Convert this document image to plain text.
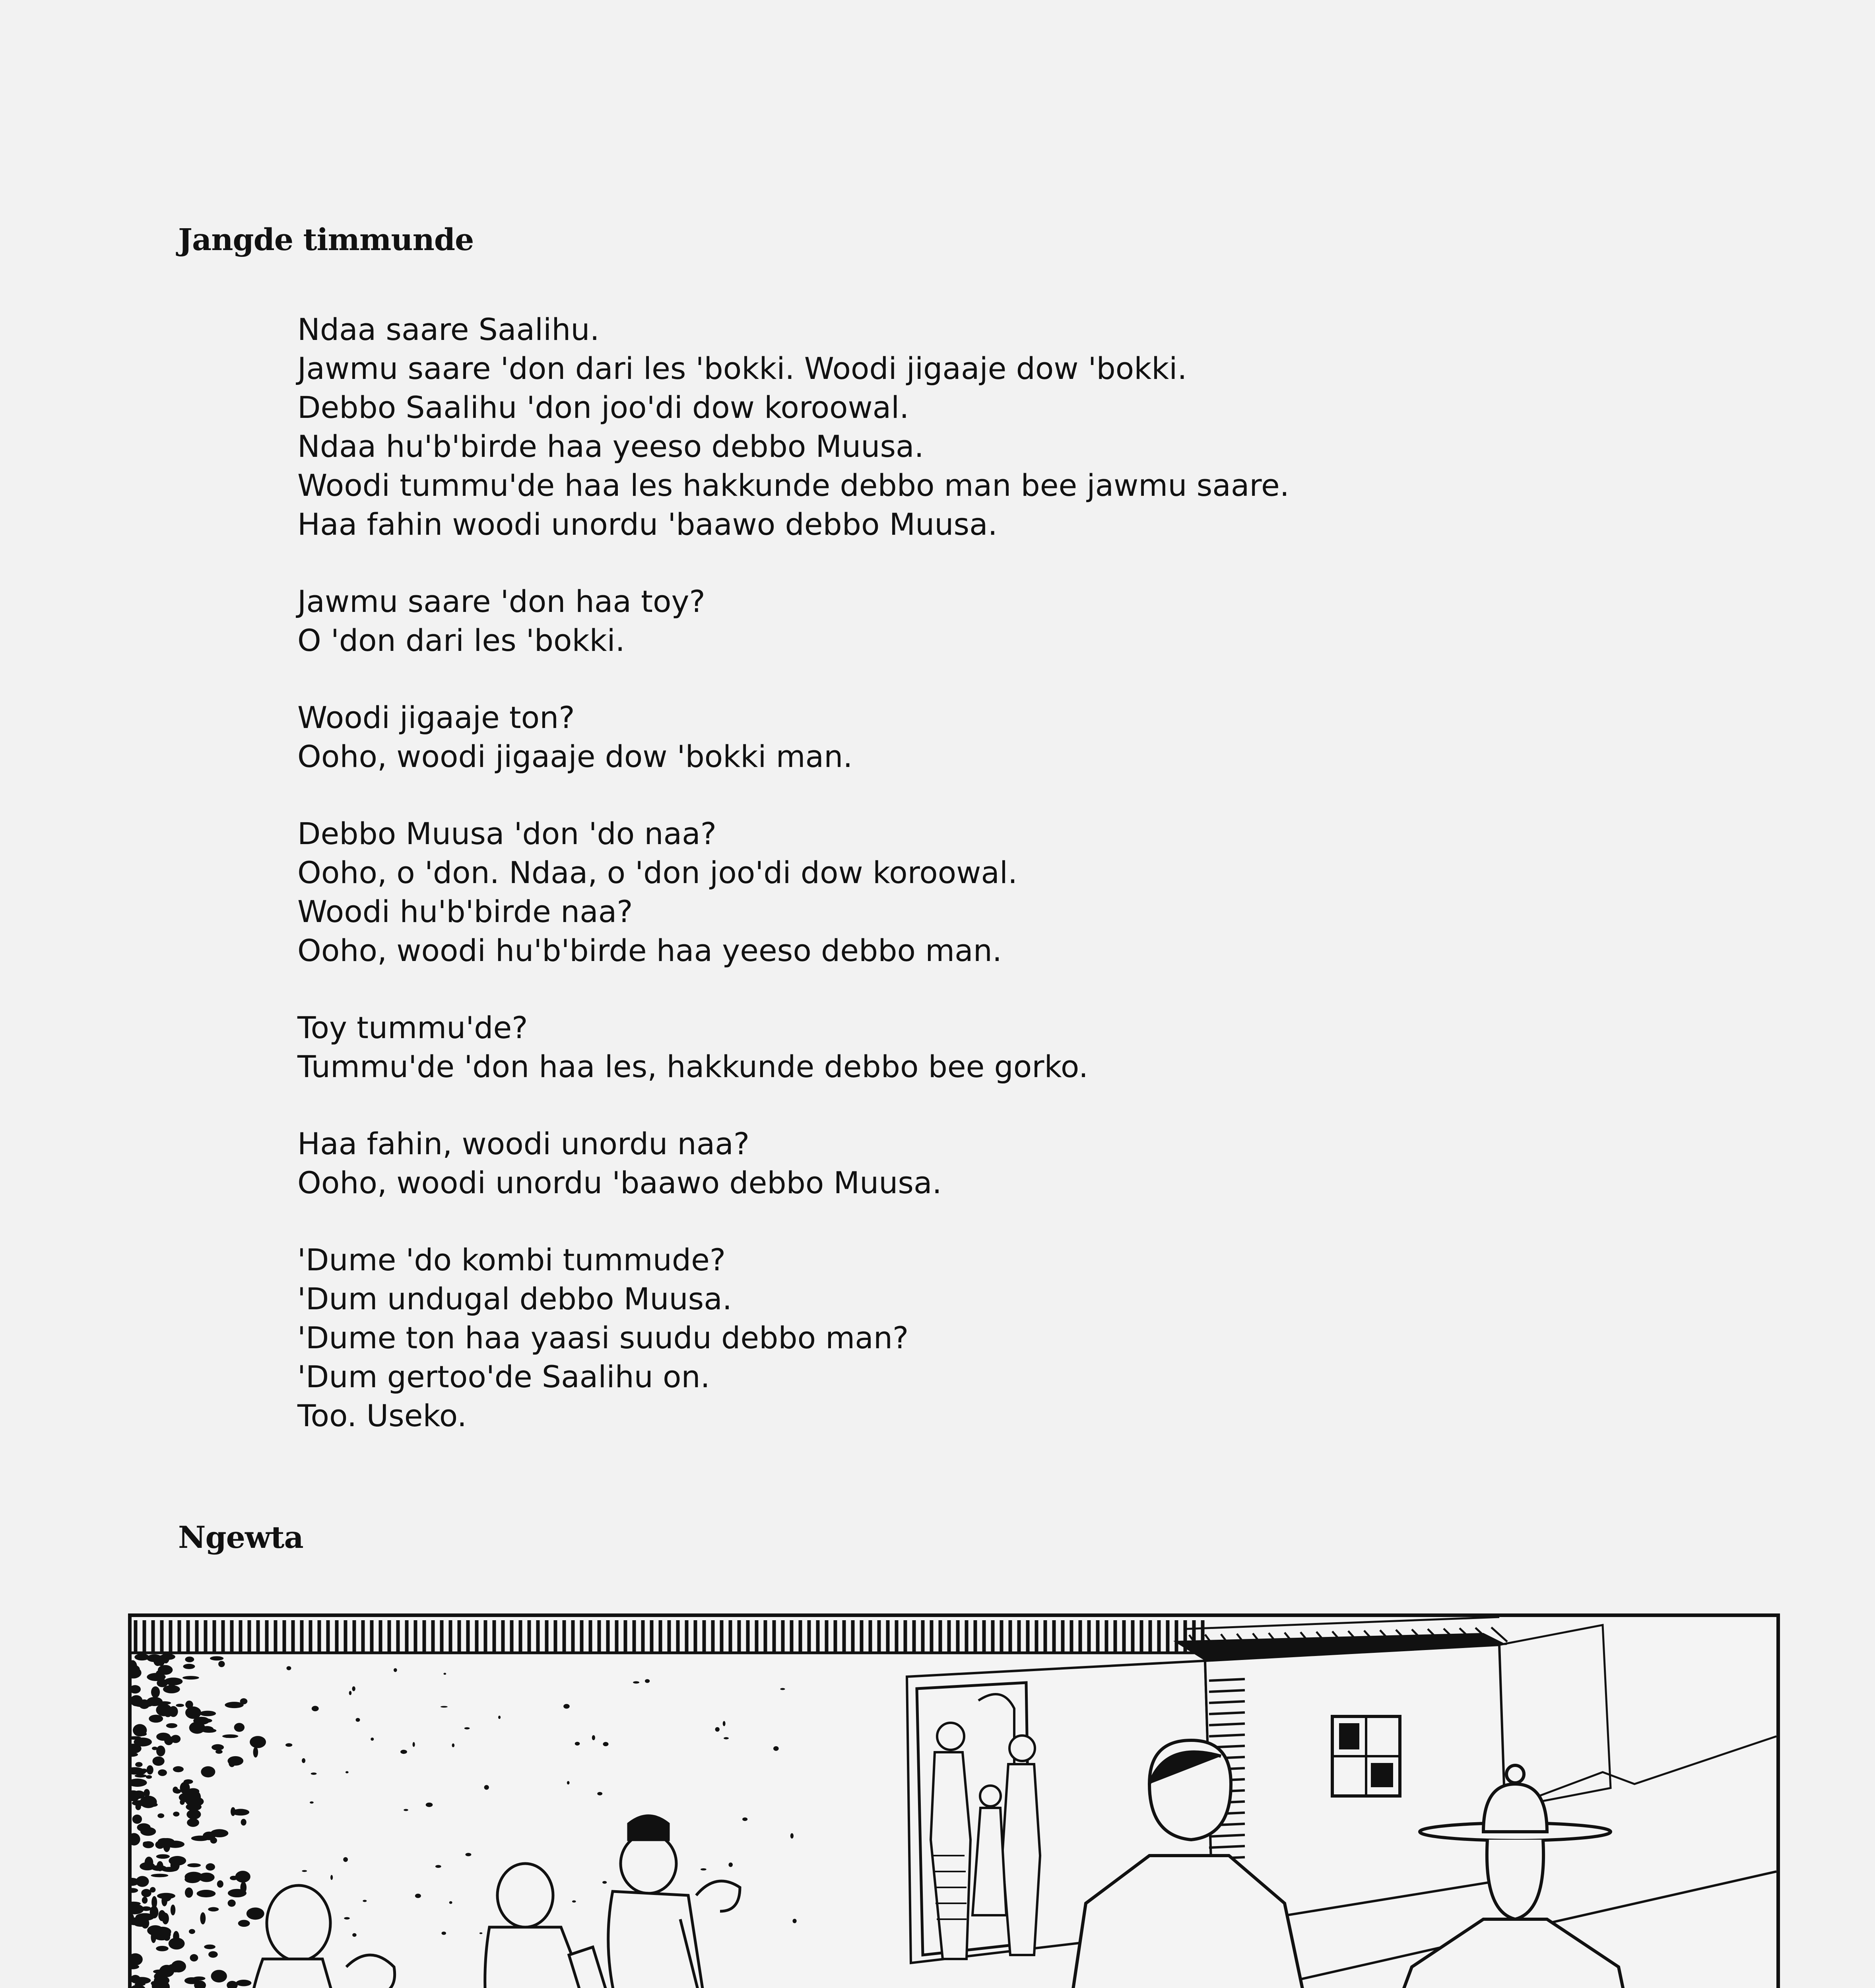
Jangde timmunde
Ndaa saare Saalihu.
Jawmu saare 'don dari les 'bokki. Woodi jigaaje dow 'bokki.
Debbo Saalihu 'don joo'di dow koroowal.
Ndaa hu'b'birde haa yeeso debbo Muusa.
Woodi tummu'de haa les hakkunde debbo man bee jawmu saare.
Haa fahin woodi unordu 'baawo debbo Muusa.
Jawmu saare 'don haa toy?
O 'don dari les 'bokki.
Woodi jigaaje ton?
Ooho, woodi jigaaje dow 'bokki man.
Debbo Muusa 'don 'do naa?
Ooho, o 'don. Ndaa, o 'don joo'di dow koroowal.
Woodi hu'b'birde naa?
Ooho, woodi hu'b'birde haa yeeso debbo man.
Toy tummu'de?
Tummu'de 'don haa les, hakkunde debbo bee gorko.
Haa fahin, woodi unordu naa?
Ooho, woodi unordu 'baawo debbo Muusa.
'Dume 'do kombi tummude?
'Dum undugal debbo Muusa.
'Dume ton haa yaasi suudu debbo man?
'Dum gertoo'de Saalihu on.
Too. Useko.
Ngewta
